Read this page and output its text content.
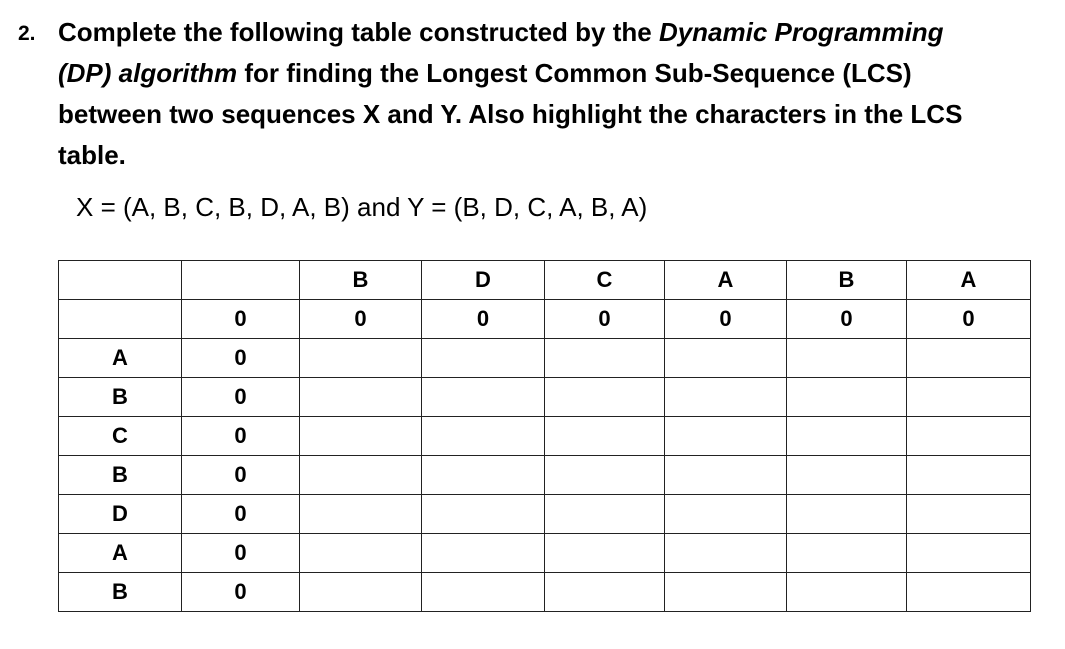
2. Complete the following table constructed by the Dynamic Programming (DP) algorithm for finding the Longest Common Sub-Sequence (LCS) between two sequences X and Y. Also highlight the characters in the LCS table.
X = (A, B, C, B, D, A, B) and Y = (B, D, C, A, B, A)
		B	D	C	A	B	A
	0	0	0	0	0	0	0
A	0						
B	0						
C	0						
B	0						
D	0						
A	0						
B	0						
